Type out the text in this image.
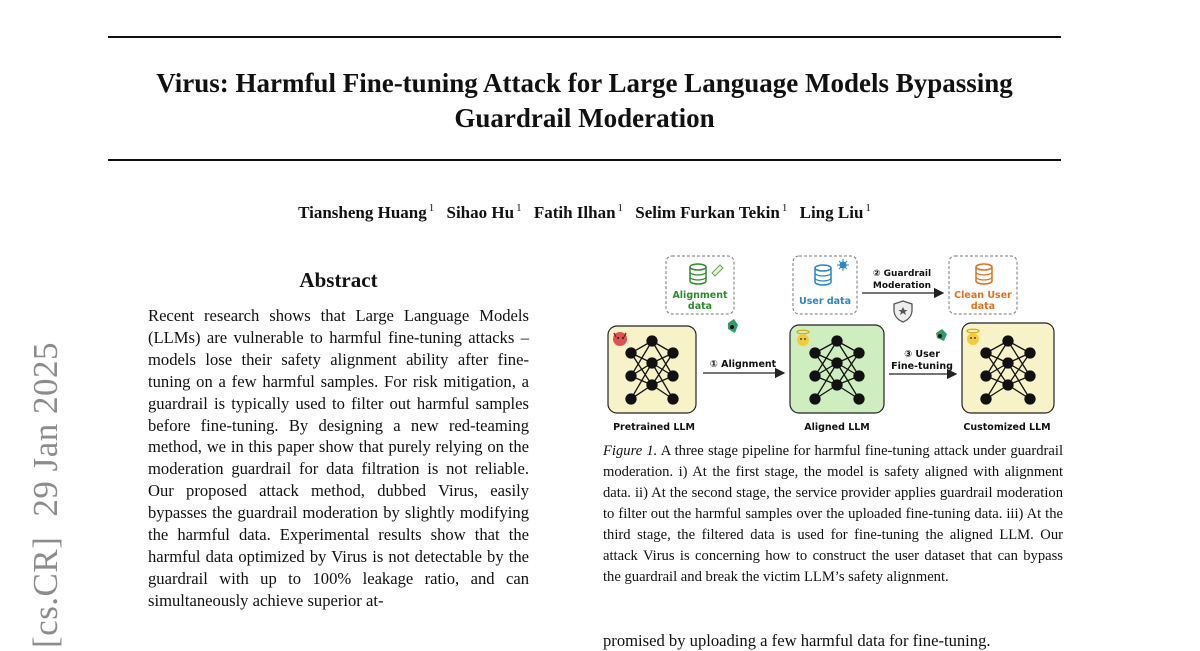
Virus: Harmful Fine-tuning Attack for Large Language Models Bypassing
Guardrail Moderation
Tiansheng Huang $^1$ Sihao Hu $^1$ Fatih Ilhan $^1$ Selim Furkan Tekin $^1$ Ling Liu $^1$
[cs.CR]29 Jan 2025
Abstract
Recent research shows that Large Language Models (LLMs) are vulnerable to harmful fine-tuning attacks – models lose their safety alignment ability after fine-tuning on a few harmful samples. For risk mitigation, a guardrail is typically used to filter out harmful samples before fine-tuning. By designing a new red-teaming method, we in this paper show that purely relying on the moderation guardrail for data filtration is not reliable. Our proposed attack method, dubbed Virus, easily bypasses the guardrail moderation by slightly modifying the harmful data. Experimental results show that the harmful data optimized by Virus is not detectable by the guardrail with up to 100% leakage ratio, and can simultaneously achieve superior at-
Alignment
data	User data
Clean User
data
② Guardrail
Moderation
① Alignment
③ User
Fine-tuning
Pretrained LLM	Aligned LLM	Customized LLM
Figure 1. A three stage pipeline for harmful fine-tuning attack under guardrail moderation. i) At the first stage, the model is safety aligned with alignment data. ii) At the second stage, the service provider applies guardrail moderation to filter out the harmful samples over the uploaded fine-tuning data. iii) At the third stage, the filtered data is used for fine-tuning the aligned LLM. Our attack Virus is concerning how to construct the user dataset that can bypass the guardrail and break the victim LLM’s safety alignment.
promised by uploading a few harmful data for fine-tuning.
